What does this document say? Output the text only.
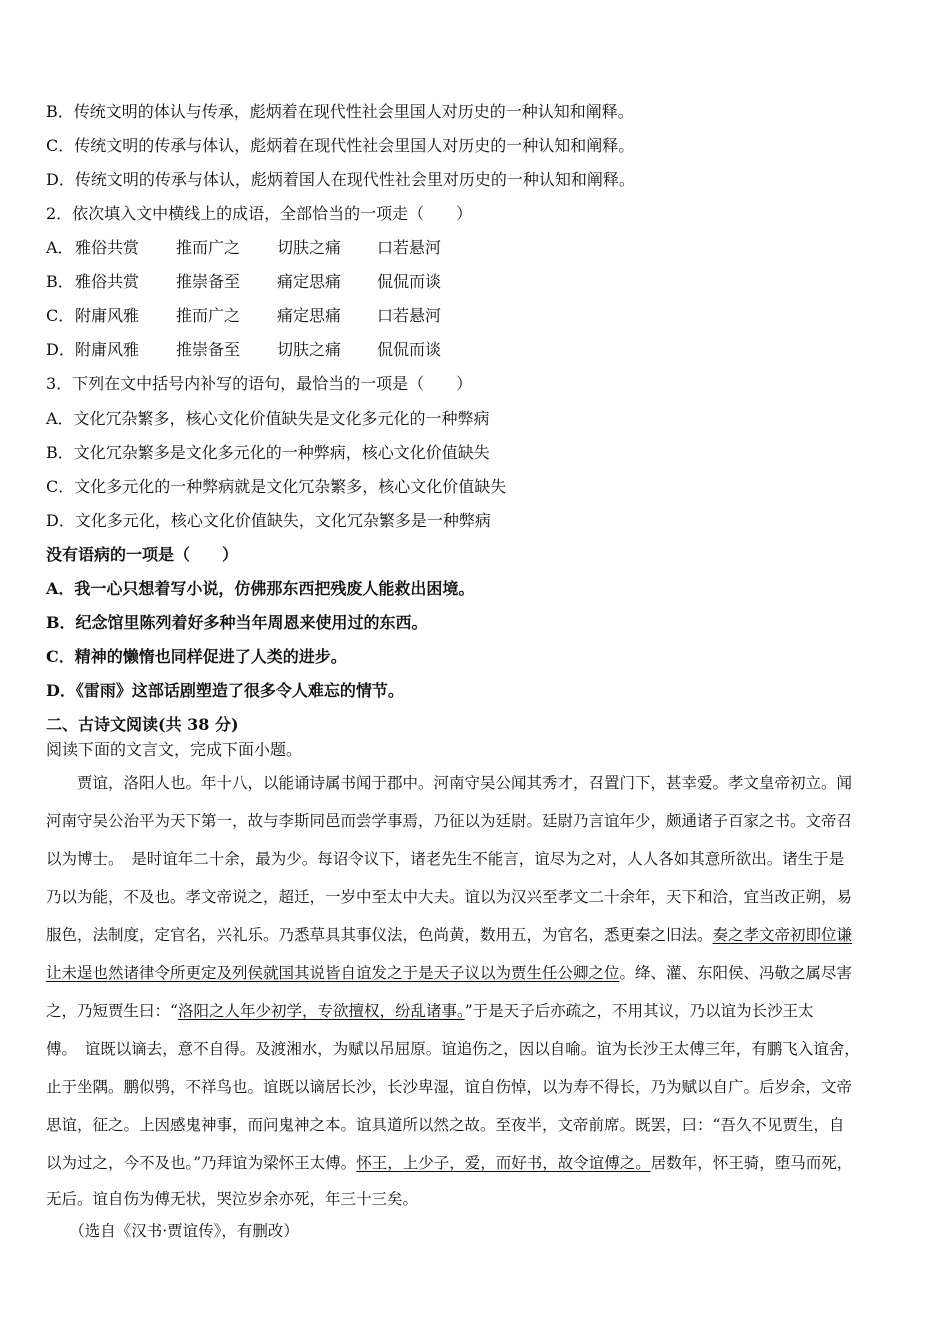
B．传统文明的体认与传承，彪炳着在现代性社会里国人对历史的一种认知和阐释。
C．传统文明的传承与体认，彪炳着在现代性社会里国人对历史的一种认知和阐释。
D．传统文明的传承与体认，彪炳着国人在现代性社会里对历史的一种认知和阐释。
2．依次填入文中横线上的成语，全部恰当的一项走（　　）
A． 雅俗共赏 推而广之 切肤之痛 口若悬河
B． 雅俗共赏 推崇备至 痛定思痛 侃侃而谈
C． 附庸风雅 推而广之 痛定思痛 口若悬河
D． 附庸风雅 推崇备至 切肤之痛 侃侃而谈
3．下列在文中括号内补写的语句，最恰当的一项是（　　）
A．文化冗杂繁多，核心文化价值缺失是文化多元化的一种弊病
B．文化冗杂繁多是文化多元化的一种弊病，核心文化价值缺失
C．文化多元化的一种弊病就是文化冗杂繁多，核心文化价值缺失
D．文化多元化，核心文化价值缺失，文化冗杂繁多是一种弊病
没有语病的一项是（　　）
A．我一心只想着写小说，仿佛那东西把残废人能救出困境。
B．纪念馆里陈列着好多种当年周恩来使用过的东西。
C．精神的懒惰也同样促进了人类的进步。
D．《雷雨》这部话剧塑造了很多令人难忘的情节。
二、古诗文阅读(共 38 分)
阅读下面的文言文，完成下面小题。
　　贾谊，洛阳人也。年十八，以能诵诗属书闻于郡中。河南守吴公闻其秀才，召置门下，甚幸爱。孝文皇帝初立。闻
河南守吴公治平为天下第一，故与李斯同邑而尝学事焉，乃征以为廷尉。廷尉乃言谊年少，颇通诸子百家之书。文帝召
以为博士。　是时谊年二十余，最为少。每诏令议下，诸老先生不能言，谊尽为之对，人人各如其意所欲出。诸生于是
乃以为能，不及也。孝文帝说之，超迁，一岁中至太中大夫。谊以为汉兴至孝文二十余年，天下和洽，宜当改正朔，易
服色，法制度，定官名，兴礼乐。乃悉草具其事仪法，色尚黄，数用五，为官名，悉更秦之旧法。奏之孝文帝初即位谦
让未逞也然诸律令所更定及列侯就国其说皆自谊发之于是天子议以为贾生任公卿之位。绛、灌、东阳侯、冯敬之属尽害
之，乃短贾生曰：“洛阳之人年少初学，专欲擅权，纷乱诸事。”于是天子后亦疏之，不用其议，乃以谊为长沙王太
傅。　谊既以谪去，意不自得。及渡湘水，为赋以吊屈原。谊追伤之，因以自喻。谊为长沙王太傅三年，有鹏飞入谊舍，
止于坐隅。鹏似鸮，不祥鸟也。谊既以谪居长沙，长沙卑湿，谊自伤悼，以为寿不得长，乃为赋以自广。后岁余，文帝
思谊，征之。上因感鬼神事，而问鬼神之本。谊具道所以然之故。至夜半，文帝前席。既罢，曰：“吾久不见贾生，自
以为过之，今不及也。”乃拜谊为梁怀王太傅。怀王，上少子，爱，而好书，故令谊傅之。居数年，怀王骑，堕马而死，
无后。谊自伤为傅无状，哭泣岁余亦死，年三十三矣。
　　（选自《汉书·贾谊传》，有删改）
